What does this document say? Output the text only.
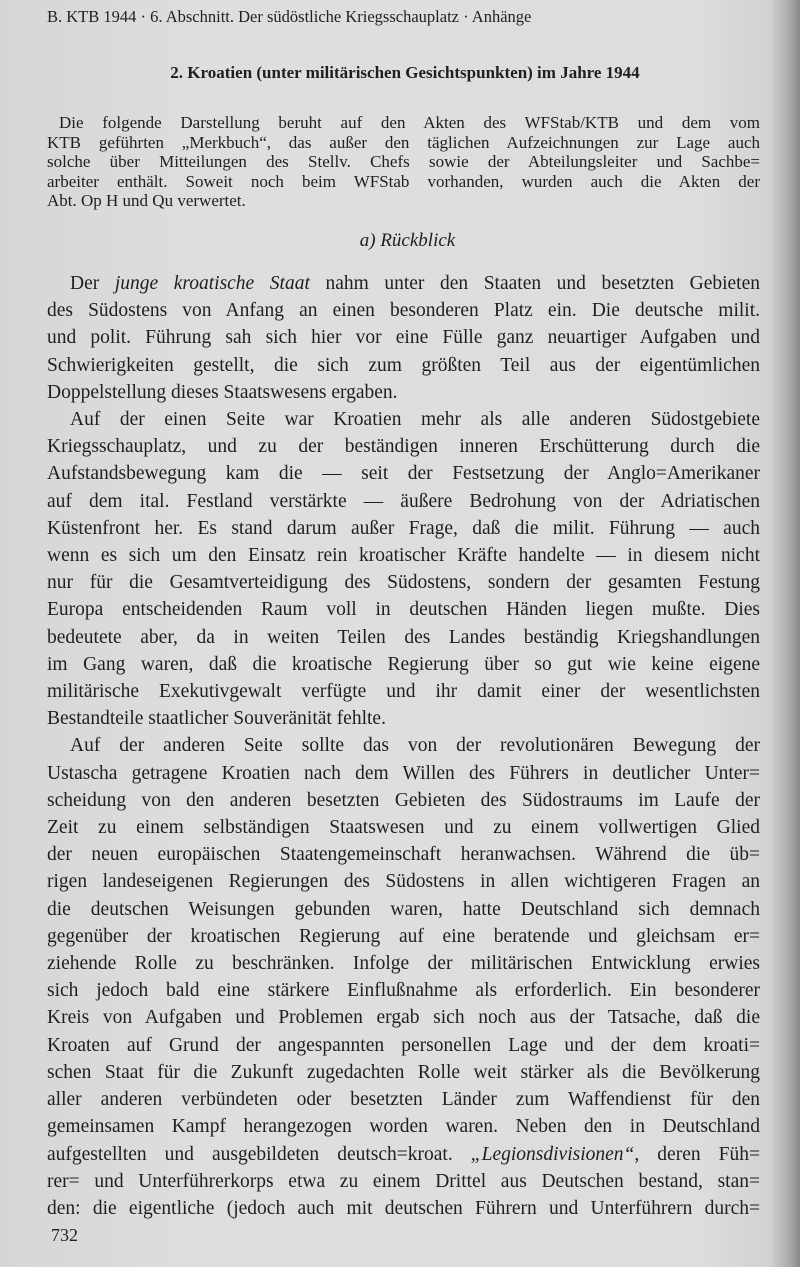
B. KTB 1944 · 6. Abschnitt. Der südöstliche Kriegsschauplatz · Anhänge
2. Kroatien (unter militärischen Gesichtspunkten) im Jahre 1944
Die folgende Darstellung beruht auf den Akten des WFStab/KTB und dem vom
KTB geführten „Merkbuch“, das außer den täglichen Aufzeichnungen zur Lage auch
solche über Mitteilungen des Stellv. Chefs sowie der Abteilungsleiter und Sachbe=
arbeiter enthält. Soweit noch beim WFStab vorhanden, wurden auch die Akten der
Abt. Op H und Qu verwertet.
a) Rückblick
Der junge kroatische Staat nahm unter den Staaten und besetzten Gebieten
des Südostens von Anfang an einen besonderen Platz ein. Die deutsche milit.
und polit. Führung sah sich hier vor eine Fülle ganz neuartiger Aufgaben und
Schwierigkeiten gestellt, die sich zum größten Teil aus der eigentümlichen
Doppelstellung dieses Staatswesens ergaben.
Auf der einen Seite war Kroatien mehr als alle anderen Südostgebiete
Kriegsschauplatz, und zu der beständigen inneren Erschütterung durch die
Aufstandsbewegung kam die — seit der Festsetzung der Anglo=Amerikaner
auf dem ital. Festland verstärkte — äußere Bedrohung von der Adriatischen
Küstenfront her. Es stand darum außer Frage, daß die milit. Führung — auch
wenn es sich um den Einsatz rein kroatischer Kräfte handelte — in diesem nicht
nur für die Gesamtverteidigung des Südostens, sondern der gesamten Festung
Europa entscheidenden Raum voll in deutschen Händen liegen mußte. Dies
bedeutete aber, da in weiten Teilen des Landes beständig Kriegshandlungen
im Gang waren, daß die kroatische Regierung über so gut wie keine eigene
militärische Exekutivgewalt verfügte und ihr damit einer der wesentlichsten
Bestandteile staatlicher Souveränität fehlte.
Auf der anderen Seite sollte das von der revolutionären Bewegung der
Ustascha getragene Kroatien nach dem Willen des Führers in deutlicher Unter=
scheidung von den anderen besetzten Gebieten des Südostraums im Laufe der
Zeit zu einem selbständigen Staatswesen und zu einem vollwertigen Glied
der neuen europäischen Staatengemeinschaft heranwachsen. Während die üb=
rigen landeseigenen Regierungen des Südostens in allen wichtigeren Fragen an
die deutschen Weisungen gebunden waren, hatte Deutschland sich demnach
gegenüber der kroatischen Regierung auf eine beratende und gleichsam er=
ziehende Rolle zu beschränken. Infolge der militärischen Entwicklung erwies
sich jedoch bald eine stärkere Einflußnahme als erforderlich. Ein besonderer
Kreis von Aufgaben und Problemen ergab sich noch aus der Tatsache, daß die
Kroaten auf Grund der angespannten personellen Lage und der dem kroati=
schen Staat für die Zukunft zugedachten Rolle weit stärker als die Bevölkerung
aller anderen verbündeten oder besetzten Länder zum Waffendienst für den
gemeinsamen Kampf herangezogen worden waren. Neben den in Deutschland
aufgestellten und ausgebildeten deutsch=kroat. „Legionsdivisionen“, deren Füh=
rer= und Unterführerkorps etwa zu einem Drittel aus Deutschen bestand, stan=
den: die eigentliche (jedoch auch mit deutschen Führern und Unterführern durch=
732
